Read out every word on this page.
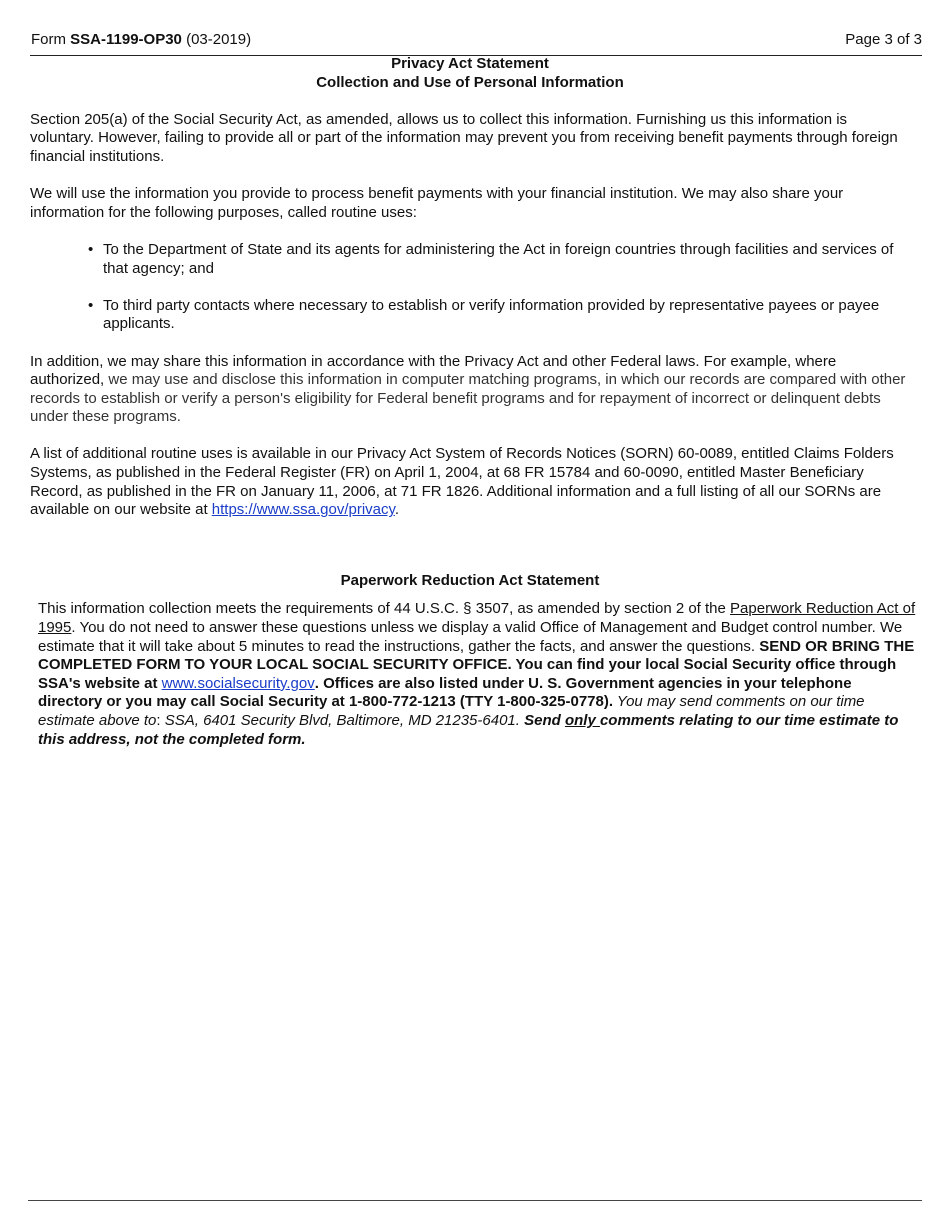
Form SSA-1199-OP30 (03-2019)	Page 3 of 3
Privacy Act Statement
Collection and Use of Personal Information

Section 205(a) of the Social Security Act, as amended, allows us to collect this information. Furnishing us this information is voluntary. However, failing to provide all or part of the information may prevent you from receiving benefit payments through foreign financial institutions.

We will use the information you provide to process benefit payments with your financial institution. We may also share your information for the following purposes, called routine uses:

• To the Department of State and its agents for administering the Act in foreign countries through facilities and services of that agency; and
• To third party contacts where necessary to establish or verify information provided by representative payees or payee applicants.

In addition, we may share this information in accordance with the Privacy Act and other Federal laws. For example, where authorized, we may use and disclose this information in computer matching programs, in which our records are compared with other records to establish or verify a person's eligibility for Federal benefit programs and for repayment of incorrect or delinquent debts under these programs.

A list of additional routine uses is available in our Privacy Act System of Records Notices (SORN) 60-0089, entitled Claims Folders Systems, as published in the Federal Register (FR) on April 1, 2004, at 68 FR 15784 and 60-0090, entitled Master Beneficiary Record, as published in the FR on January 11, 2006, at 71 FR 1826. Additional information and a full listing of all our SORNs are available on our website at https://www.ssa.gov/privacy.

Paperwork Reduction Act Statement

This information collection meets the requirements of 44 U.S.C. § 3507, as amended by section 2 of the Paperwork Reduction Act of 1995. You do not need to answer these questions unless we display a valid Office of Management and Budget control number. We estimate that it will take about 5 minutes to read the instructions, gather the facts, and answer the questions. SEND OR BRING THE COMPLETED FORM TO YOUR LOCAL SOCIAL SECURITY OFFICE. You can find your local Social Security office through SSA's website at www.socialsecurity.gov. Offices are also listed under U. S. Government agencies in your telephone directory or you may call Social Security at 1-800-772-1213 (TTY 1-800-325-0778). You may send comments on our time estimate above to: SSA, 6401 Security Blvd, Baltimore, MD 21235-6401. Send only comments relating to our time estimate to this address, not the completed form.
